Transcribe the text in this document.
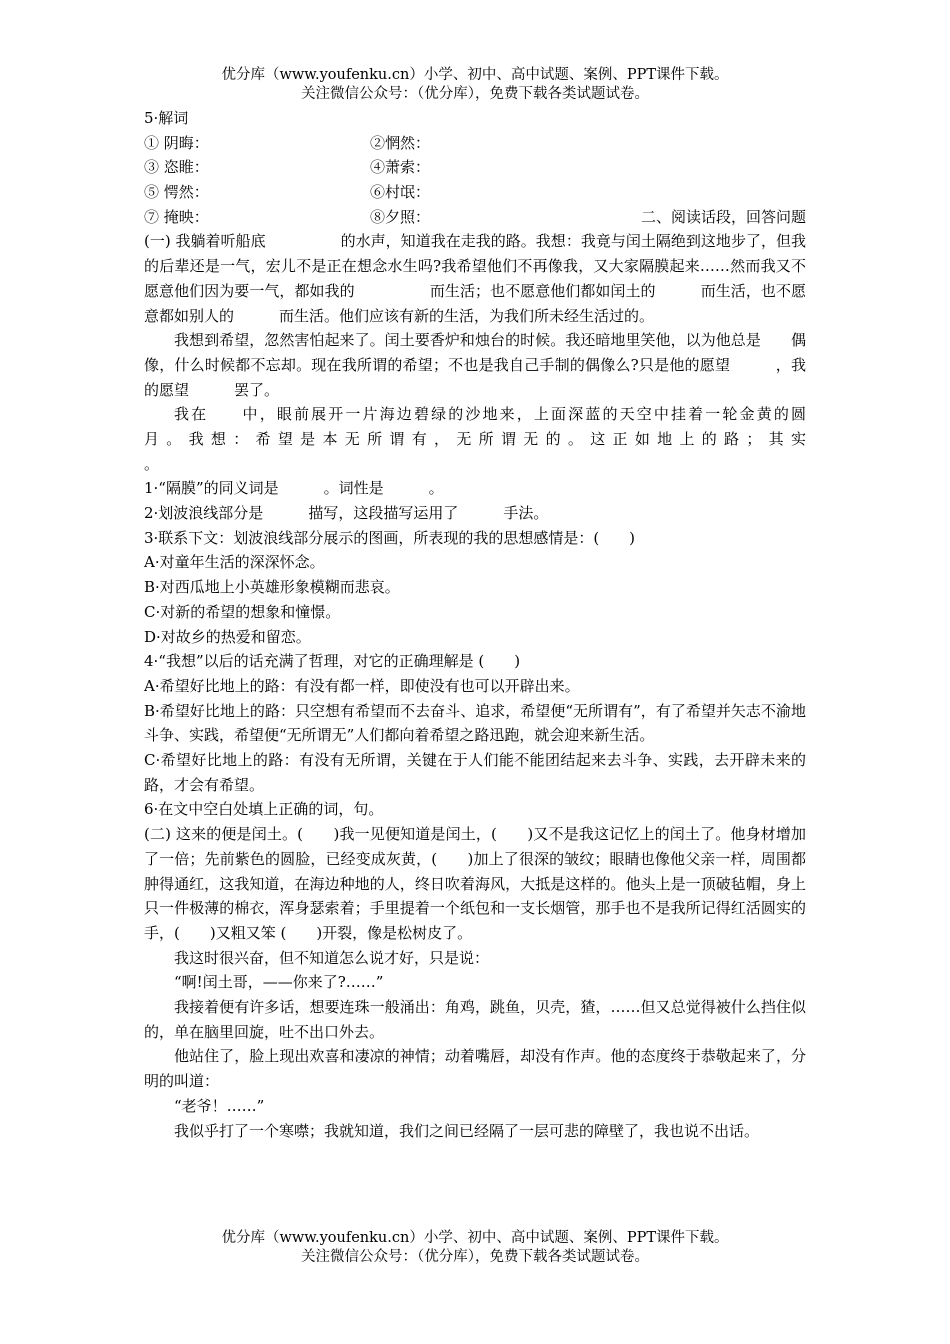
优分库（www.youfenku.cn）小学、初中、高中试题、案例、PPT课件下载。
关注微信公众号：（优分库），免费下载各类试题试卷。
5·解词
① 阴晦：	②惘然：
③ 恣睢：	④萧索：
⑤ 愕然：	⑥村氓：
⑦ 掩映：	⑧夕照：	二、阅读话段，回答问题
(一) 我躺着听船底　　　　　的水声，知道我在走我的路。我想：我竟与闰土隔绝到这地步了，但我的后辈还是一气，宏儿不是正在想念水生吗?我希望他们不再像我，又大家隔膜起来……然而我又不愿意他们因为要一气，都如我的　　　　　而生活；也不愿意他们都如闰土的　　　而生活，也不愿意都如别人的　　　而生活。他们应该有新的生活，为我们所未经生活过的。
我想到希望，忽然害怕起来了。闰土要香炉和烛台的时候。我还暗地里笑他，以为他总是　　偶像，什么时候都不忘却。现在我所谓的希望；不也是我自己手制的偶像么?只是他的愿望　　　，我的愿望　　　罢了。
我在　　中，眼前展开一片海边碧绿的沙地来，上面深蓝的天空中挂着一轮金黄的圆
月。我想：希望是本无所谓有，无所谓无的。这正如地上的路；其实
。
1·“隔膜”的同义词是　　　。词性是　　　。
2·划波浪线部分是　　　描写，这段描写运用了　　　手法。
3·联系下文：划波浪线部分展示的图画，所表现的我的思想感情是：(　　)
A·对童年生活的深深怀念。
B·对西瓜地上小英雄形象模糊而悲哀。
C·对新的希望的想象和憧憬。
D·对故乡的热爱和留恋。
4·“我想”以后的话充满了哲理，对它的正确理解是 (　　)
A·希望好比地上的路：有没有都一样，即使没有也可以开辟出来。
B·希望好比地上的路：只空想有希望而不去奋斗、追求，希望便“无所谓有”，有了希望并矢志不渝地斗争、实践，希望便“无所谓无”人们都向着希望之路迅跑，就会迎来新生活。
C·希望好比地上的路：有没有无所谓，关键在于人们能不能团结起来去斗争、实践，去开辟未来的路，才会有希望。
6·在文中空白处填上正确的词，句。
(二) 这来的便是闰土。(　　)我一见便知道是闰土，(　　)又不是我这记忆上的闰土了。他身材增加了一倍；先前紫色的圆脸，已经变成灰黄，(　　)加上了很深的皱纹；眼睛也像他父亲一样，周围都肿得通红，这我知道，在海边种地的人，终日吹着海风，大抵是这样的。他头上是一顶破毡帽，身上只一件极薄的棉衣，浑身瑟索着；手里提着一个纸包和一支长烟管，那手也不是我所记得红活圆实的手，(　　)又粗又笨 (　　)开裂，像是松树皮了。
我这时很兴奋，但不知道怎么说才好，只是说：
“啊!闰土哥，——你来了?……”
我接着便有许多话，想要连珠一般涌出：角鸡，跳鱼，贝壳，猹，……但又总觉得被什么挡住似的，单在脑里回旋，吐不出口外去。
他站住了，脸上现出欢喜和凄凉的神情；动着嘴唇，却没有作声。他的态度终于恭敬起来了，分明的叫道：
“老爷！……”
我似乎打了一个寒噤；我就知道，我们之间已经隔了一层可悲的障壁了，我也说不出话。
优分库（www.youfenku.cn）小学、初中、高中试题、案例、PPT课件下载。
关注微信公众号：（优分库），免费下载各类试题试卷。
